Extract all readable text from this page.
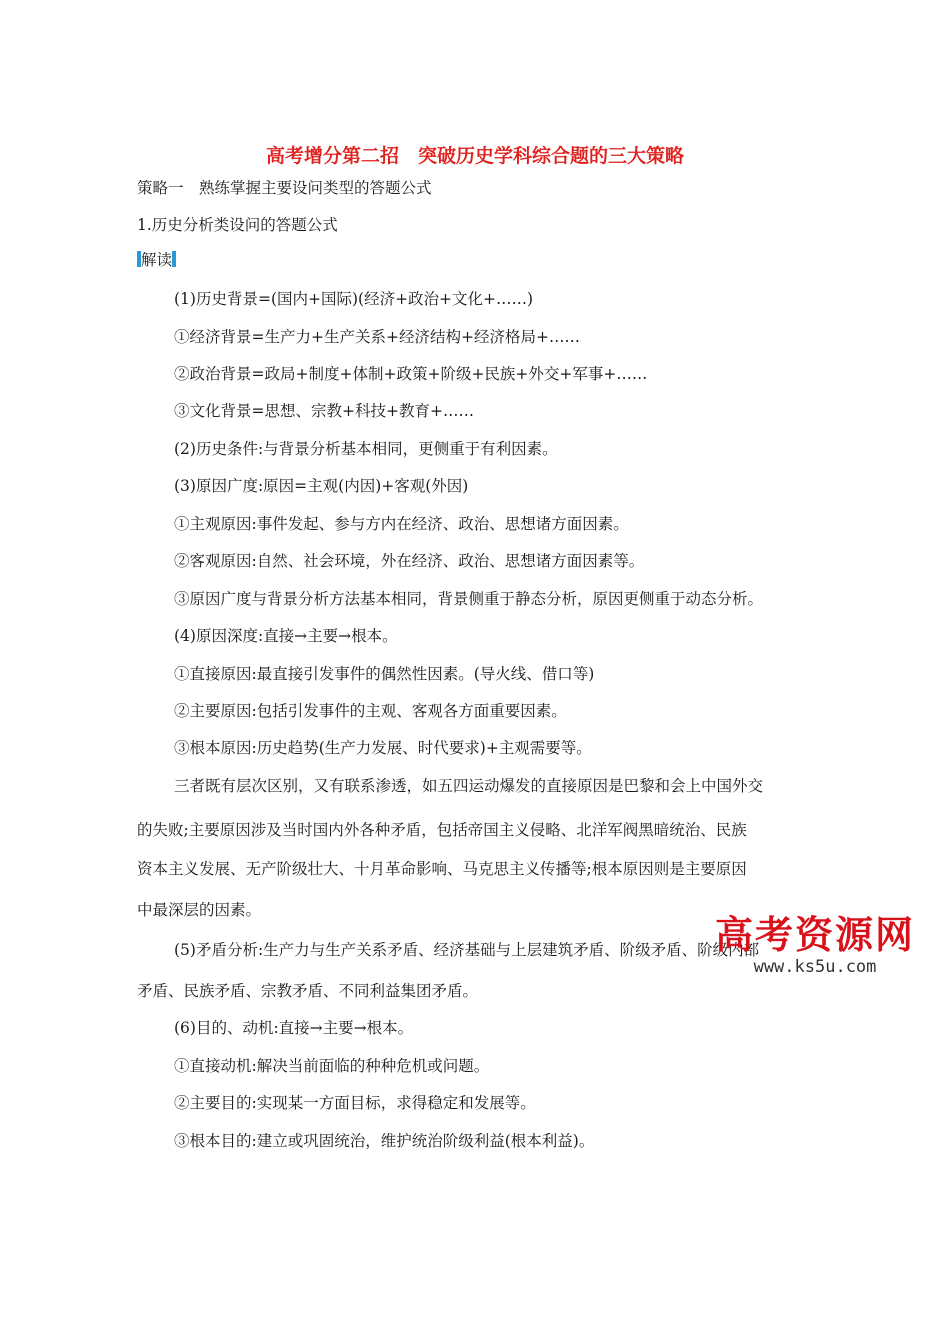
高考增分第二招　突破历史学科综合题的三大策略
策略一　熟练掌握主要设问类型的答题公式
1.历史分析类设问的答题公式
解读
(1)历史背景=(国内+国际)(经济+政治+文化+……)
①经济背景=生产力+生产关系+经济结构+经济格局+……
②政治背景=政局+制度+体制+政策+阶级+民族+外交+军事+……
③文化背景=思想、宗教+科技+教育+……
(2)历史条件:与背景分析基本相同，更侧重于有利因素。
(3)原因广度:原因=主观(内因)+客观(外因)
①主观原因:事件发起、参与方内在经济、政治、思想诸方面因素。
②客观原因:自然、社会环境，外在经济、政治、思想诸方面因素等。
③原因广度与背景分析方法基本相同，背景侧重于静态分析，原因更侧重于动态分析。
(4)原因深度:直接→主要→根本。
①直接原因:最直接引发事件的偶然性因素。(导火线、借口等)
②主要原因:包括引发事件的主观、客观各方面重要因素。
③根本原因:历史趋势(生产力发展、时代要求)+主观需要等。
三者既有层次区别，又有联系渗透，如五四运动爆发的直接原因是巴黎和会上中国外交
的失败;主要原因涉及当时国内外各种矛盾，包括帝国主义侵略、北洋军阀黑暗统治、民族
资本主义发展、无产阶级壮大、十月革命影响、马克思主义传播等;根本原因则是主要原因
中最深层的因素。
(5)矛盾分析:生产力与生产关系矛盾、经济基础与上层建筑矛盾、阶级矛盾、阶级内部
矛盾、民族矛盾、宗教矛盾、不同利益集团矛盾。
(6)目的、动机:直接→主要→根本。
①直接动机:解决当前面临的种种危机或问题。
②主要目的:实现某一方面目标，求得稳定和发展等。
③根本目的:建立或巩固统治，维护统治阶级利益(根本利益)。
高考资源网
www.ks5u.com
